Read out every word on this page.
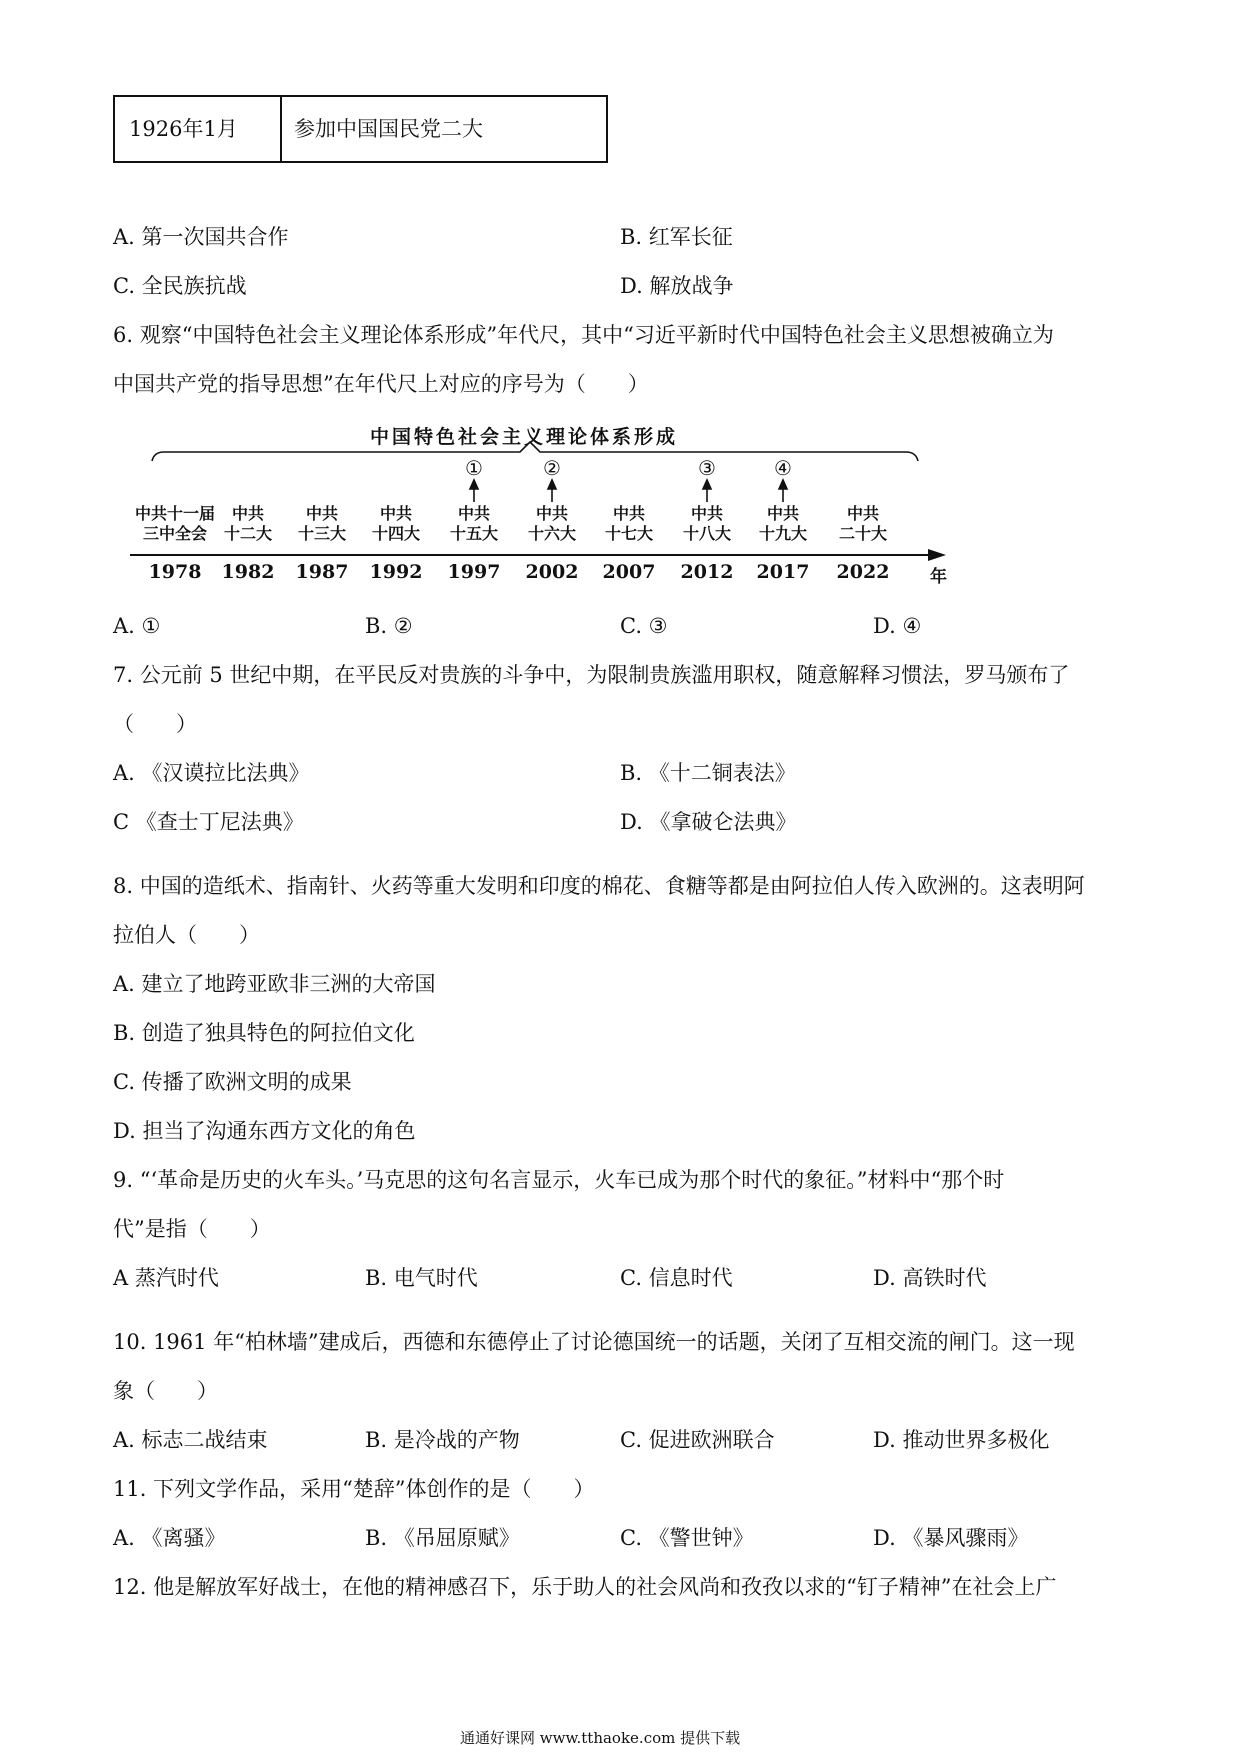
1926年1月	参加中国国民党二大
A. 第一次国共合作	B. 红军长征
C. 全民族抗战	D. 解放战争
6. 观察“中国特色社会主义理论体系形成”年代尺，其中“习近平新时代中国特色社会主义思想被确立为
中国共产党的指导思想”在年代尺上对应的序号为（　　）
中国特色社会主义理论体系形成
年
中共十一届
三中全会
1978
中共
十二大
1982
中共
十三大
1987
中共
十四大
1992
中共
十五大
1997
中共
十六大
2002
中共
十七大
2007
中共
十八大
2012
中共
十九大
2017
中共
二十大
2022
①	②	③	④
A. ①	B. ②	C. ③	D. ④
7. 公元前 5 世纪中期，在平民反对贵族的斗争中，为限制贵族滥用职权，随意解释习惯法，罗马颁布了
（　　）
A. 《汉谟拉比法典》	B. 《十二铜表法》
C 《查士丁尼法典》	D. 《拿破仑法典》
8. 中国的造纸术、指南针、火药等重大发明和印度的棉花、食糖等都是由阿拉伯人传入欧洲的。这表明阿
拉伯人（　　）
A. 建立了地跨亚欧非三洲的大帝国
B. 创造了独具特色的阿拉伯文化
C. 传播了欧洲文明的成果
D. 担当了沟通东西方文化的角色
9. “‘革命是历史的火车头。’马克思的这句名言显示，火车已成为那个时代的象征。”材料中“那个时
代”是指（　　）
A 蒸汽时代	B. 电气时代	C. 信息时代	D. 高铁时代
10. 1961 年“柏林墙”建成后，西德和东德停止了讨论德国统一的话题，关闭了互相交流的闸门。这一现
象（　　）
A. 标志二战结束	B. 是冷战的产物	C. 促进欧洲联合	D. 推动世界多极化
11. 下列文学作品，采用“楚辞”体创作的是（　　）
A. 《离骚》	B. 《吊屈原赋》	C. 《警世钟》	D. 《暴风骤雨》
12. 他是解放军好战士，在他的精神感召下，乐于助人的社会风尚和孜孜以求的“钉子精神”在社会上广
通通好课网 www.tthaoke.com 提供下载
